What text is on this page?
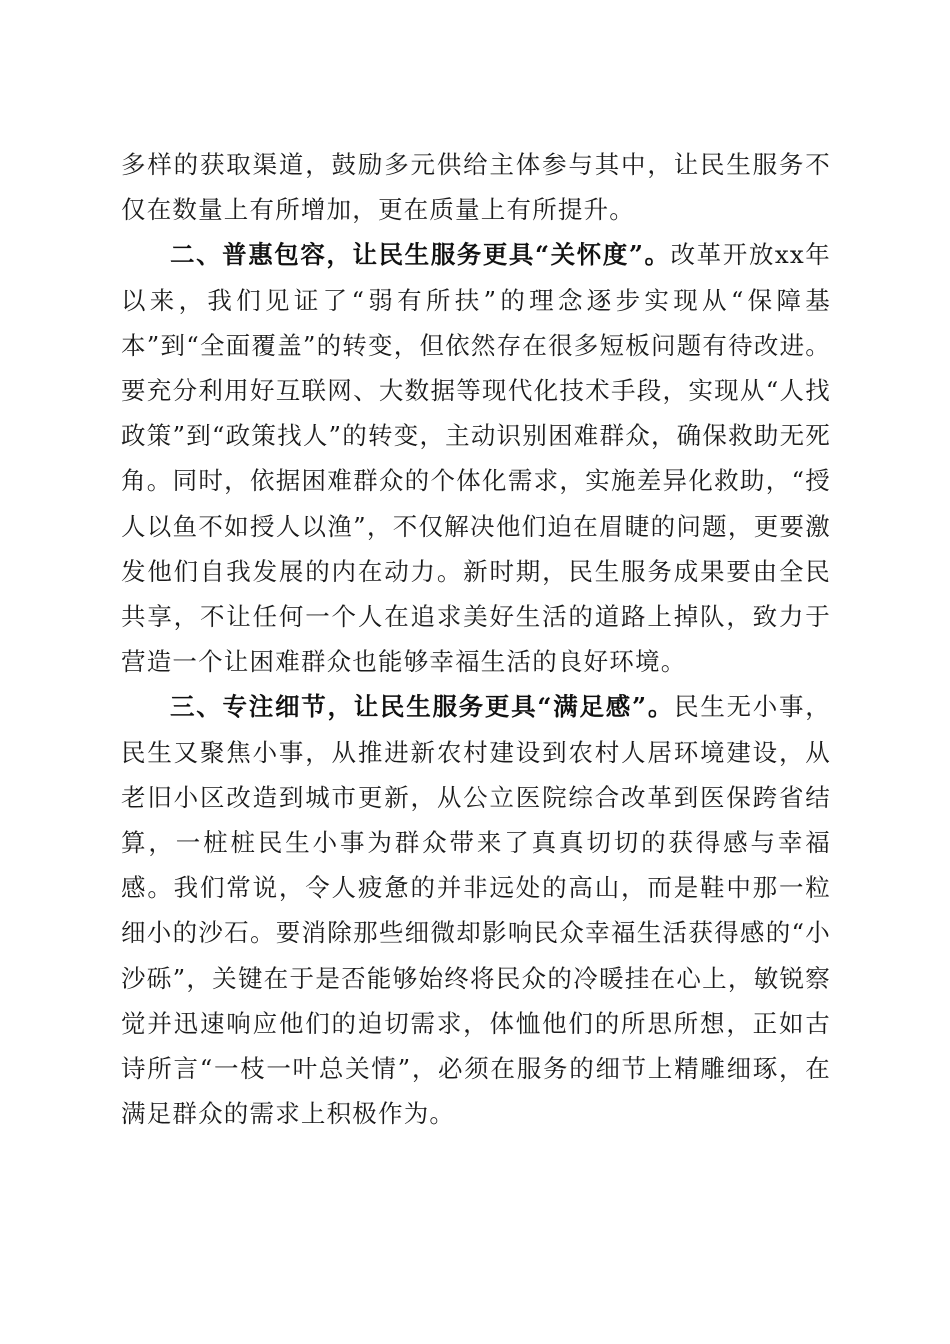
多样的获取渠道，鼓励多元供给主体参与其中，让民生服务不仅在数量上有所增加，更在质量上有所提升。

二、普惠包容，让民生服务更具“关怀度”。改革开放xx年以来，我们见证了“弱有所扶”的理念逐步实现从“保障基本”到“全面覆盖”的转变，但依然存在很多短板问题有待改进。要充分利用好互联网、大数据等现代化技术手段，实现从“人找政策”到“政策找人”的转变，主动识别困难群众，确保救助无死角。同时，依据困难群众的个体化需求，实施差异化救助，“授人以鱼不如授人以渔”，不仅解决他们迫在眉睫的问题，更要激发他们自我发展的内在动力。新时期，民生服务成果要由全民共享，不让任何一个人在追求美好生活的道路上掉队，致力于营造一个让困难群众也能够幸福生活的良好环境。

三、专注细节，让民生服务更具“满足感”。民生无小事，民生又聚焦小事，从推进新农村建设到农村人居环境建设，从老旧小区改造到城市更新，从公立医院综合改革到医保跨省结算，一桩桩民生小事为群众带来了真真切切的获得感与幸福感。我们常说，令人疲惫的并非远处的高山，而是鞋中那一粒细小的沙石。要消除那些细微却影响民众幸福生活获得感的“小沙砾”，关键在于是否能够始终将民众的冷暖挂在心上，敏锐察觉并迅速响应他们的迫切需求，体恤他们的所思所想，正如古诗所言“一枝一叶总关情”，必须在服务的细节上精雕细琢，在满足群众的需求上积极作为。
